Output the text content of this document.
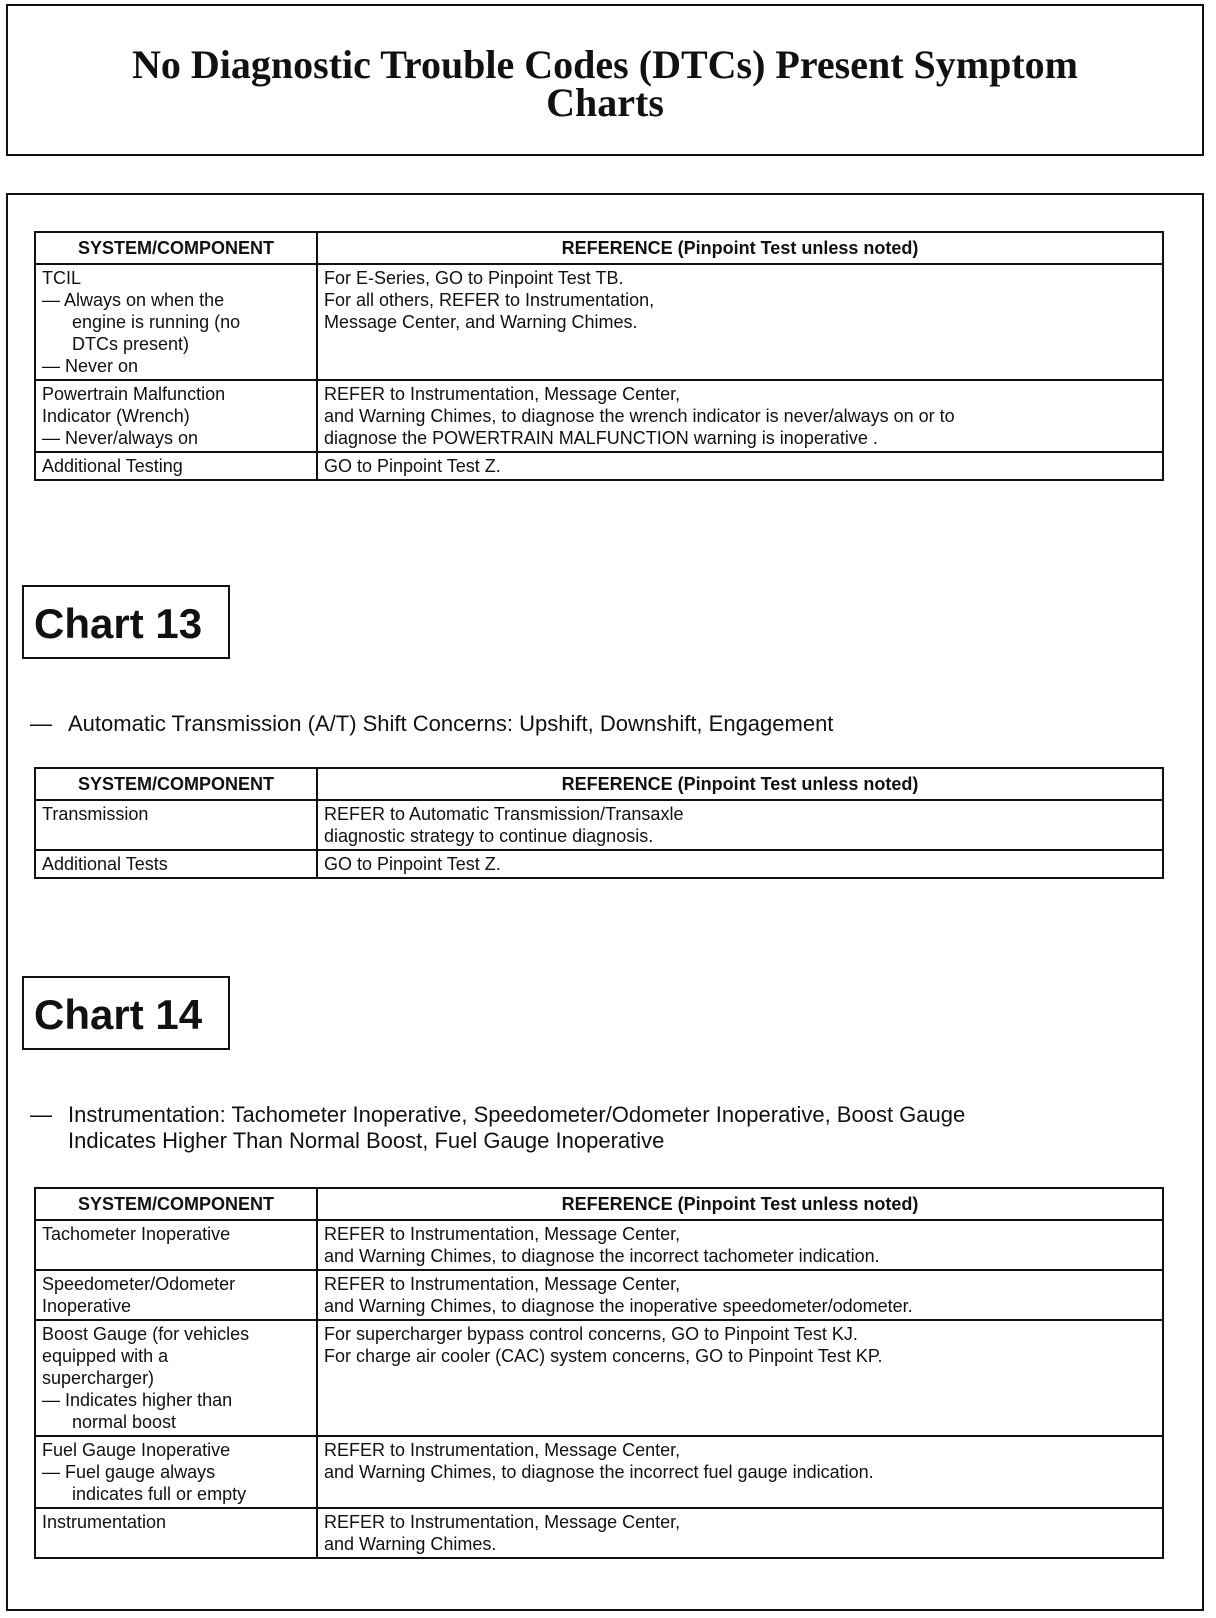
No Diagnostic Trouble Codes (DTCs) Present Symptom
Charts
SYSTEM/COMPONENT	REFERENCE (Pinpoint Test unless noted)

TCIL
— Always on when the
engine is running (no
DTCs present)
— Never on	For E-Series, GO to Pinpoint Test TB.
For all others, REFER to Instrumentation,
Message Center, and Warning Chimes.

Powertrain Malfunction
Indicator (Wrench)
— Never/always on	REFER to Instrumentation, Message Center,
and Warning Chimes, to diagnose the wrench indicator is never/always on or to
diagnose the POWERTRAIN MALFUNCTION warning is inoperative .

Additional Testing	GO to Pinpoint Test Z.
Chart 13

— Automatic Transmission (A/T) Shift Concerns: Upshift, Downshift, Engagement

SYSTEM/COMPONENT	REFERENCE (Pinpoint Test unless noted)

Transmission	REFER to Automatic Transmission/Transaxle
diagnostic strategy to continue diagnosis.

Additional Tests	GO to Pinpoint Test Z.
Chart 14

— Instrumentation: Tachometer Inoperative, Speedometer/Odometer Inoperative, Boost Gauge
Indicates Higher Than Normal Boost, Fuel Gauge Inoperative

SYSTEM/COMPONENT	REFERENCE (Pinpoint Test unless noted)

Tachometer Inoperative	REFER to Instrumentation, Message Center,
and Warning Chimes, to diagnose the incorrect tachometer indication.

Speedometer/Odometer
Inoperative	REFER to Instrumentation, Message Center,
and Warning Chimes, to diagnose the inoperative speedometer/odometer.

Boost Gauge (for vehicles
equipped with a
supercharger)
— Indicates higher than
normal boost	For supercharger bypass control concerns, GO to Pinpoint Test KJ.
For charge air cooler (CAC) system concerns, GO to Pinpoint Test KP.

Fuel Gauge Inoperative
— Fuel gauge always
indicates full or empty	REFER to Instrumentation, Message Center,
and Warning Chimes, to diagnose the incorrect fuel gauge indication.

Instrumentation	REFER to Instrumentation, Message Center,
and Warning Chimes.
